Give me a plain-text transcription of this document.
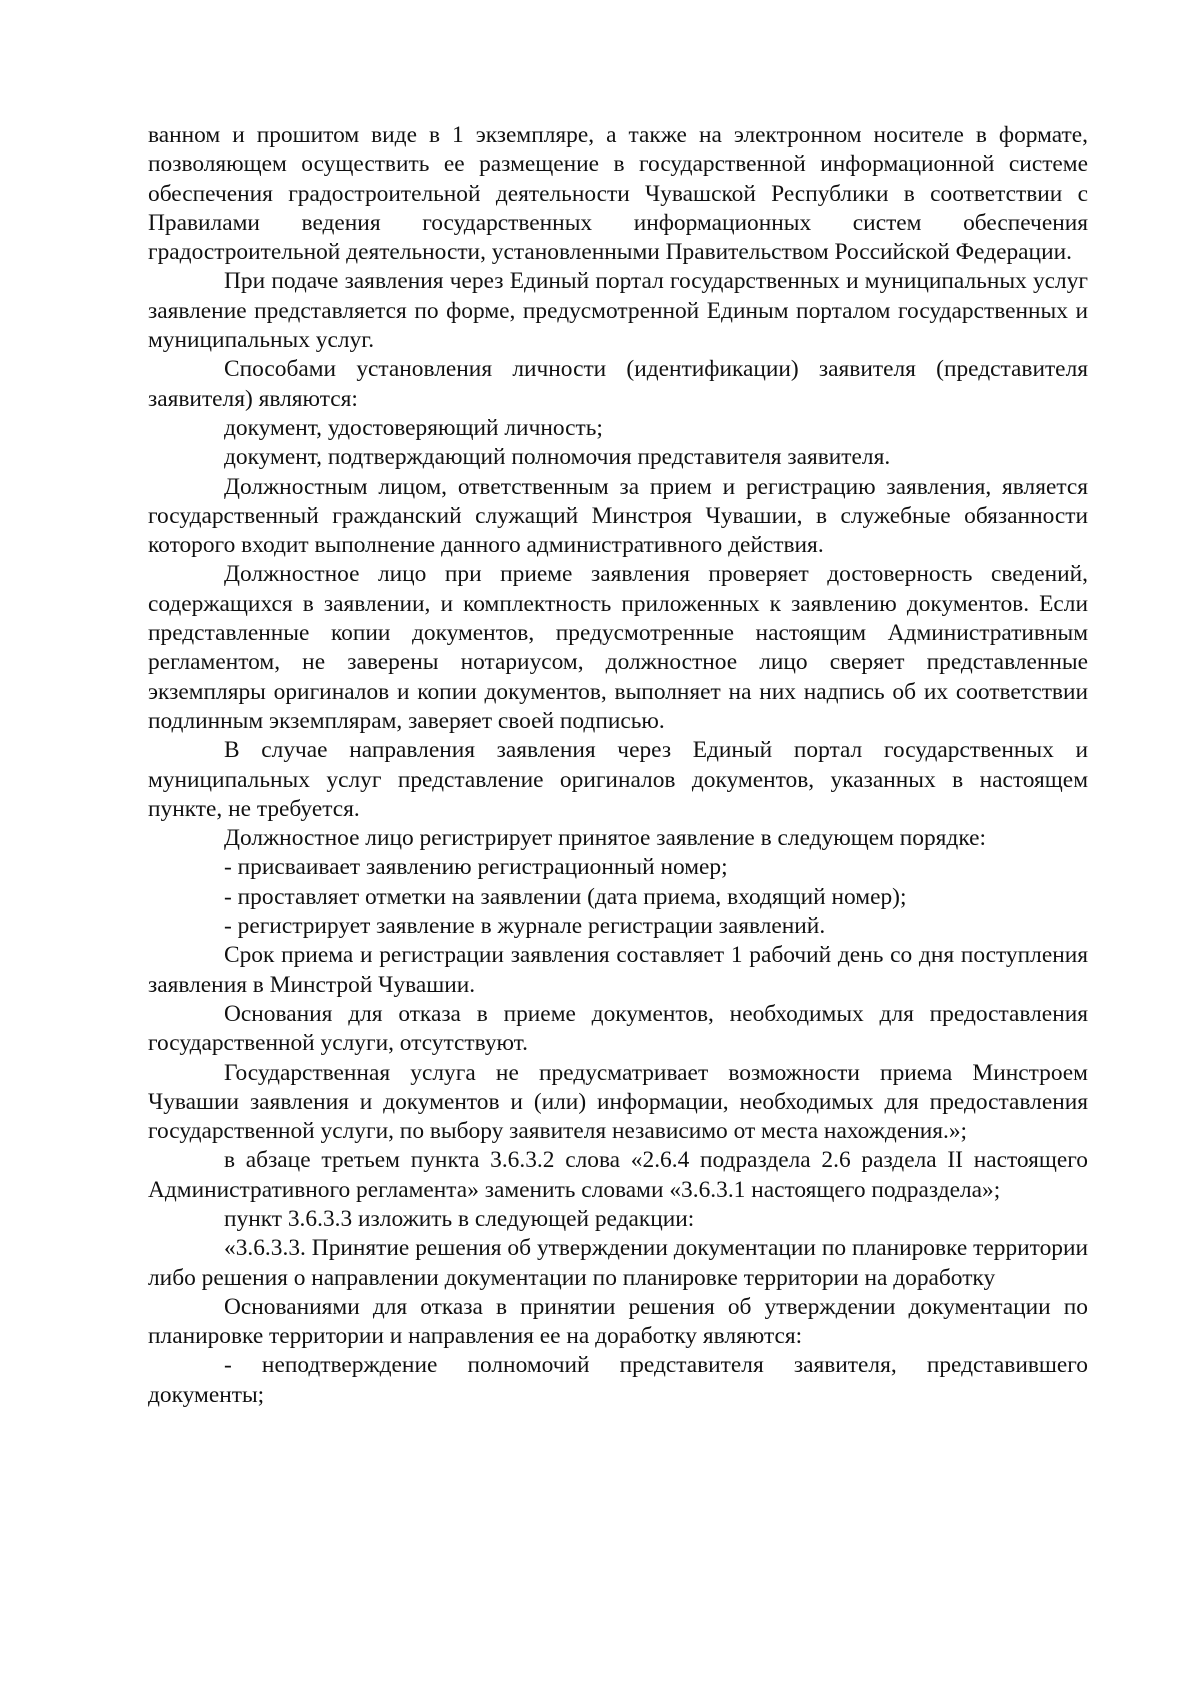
ванном и прошитом виде в 1 экземпляре, а также на электронном носителе в формате, позволяющем осуществить ее размещение в государственной информационной системе обеспечения градостроительной деятельности Чувашской Республики в соответствии с Правилами ведения государственных информационных систем обеспечения градостроительной деятельности, установленными Правительством Российской Федерации.

При подаче заявления через Единый портал государственных и муниципальных услуг заявление представляется по форме, предусмотренной Единым порталом государственных и муниципальных услуг.

Способами установления личности (идентификации) заявителя (представителя заявителя) являются:

документ, удостоверяющий личность;

документ, подтверждающий полномочия представителя заявителя.

Должностным лицом, ответственным за прием и регистрацию заявления, является государственный гражданский служащий Минстроя Чувашии, в служебные обязанности которого входит выполнение данного административного действия.

Должностное лицо при приеме заявления проверяет достоверность сведений, содержащихся в заявлении, и комплектность приложенных к заявлению документов. Если представленные копии документов, предусмотренные настоящим Административным регламентом, не заверены нотариусом, должностное лицо сверяет представленные экземпляры оригиналов и копии документов, выполняет на них надпись об их соответствии подлинным экземплярам, заверяет своей подписью.

В случае направления заявления через Единый портал государственных и муниципальных услуг представление оригиналов документов, указанных в настоящем пункте, не требуется.

Должностное лицо регистрирует принятое заявление в следующем порядке:

- присваивает заявлению регистрационный номер;

- проставляет отметки на заявлении (дата приема, входящий номер);

- регистрирует заявление в журнале регистрации заявлений.

Срок приема и регистрации заявления составляет 1 рабочий день со дня поступления заявления в Минстрой Чувашии.

Основания для отказа в приеме документов, необходимых для предоставления государственной услуги, отсутствуют.

Государственная услуга не предусматривает возможности приема Минстроем Чувашии заявления и документов и (или) информации, необходимых для предоставления государственной услуги, по выбору заявителя независимо от места нахождения.»;

в абзаце третьем пункта 3.6.3.2 слова «2.6.4 подраздела 2.6 раздела II настоящего Административного регламента» заменить словами «3.6.3.1 настоящего подраздела»;

пункт 3.6.3.3 изложить в следующей редакции:

«3.6.3.3. Принятие решения об утверждении документации по планировке территории либо решения о направлении документации по планировке территории на доработку

Основаниями для отказа в принятии решения об утверждении документации по планировке территории и направления ее на доработку являются:

- неподтверждение полномочий представителя заявителя, представившего документы;
